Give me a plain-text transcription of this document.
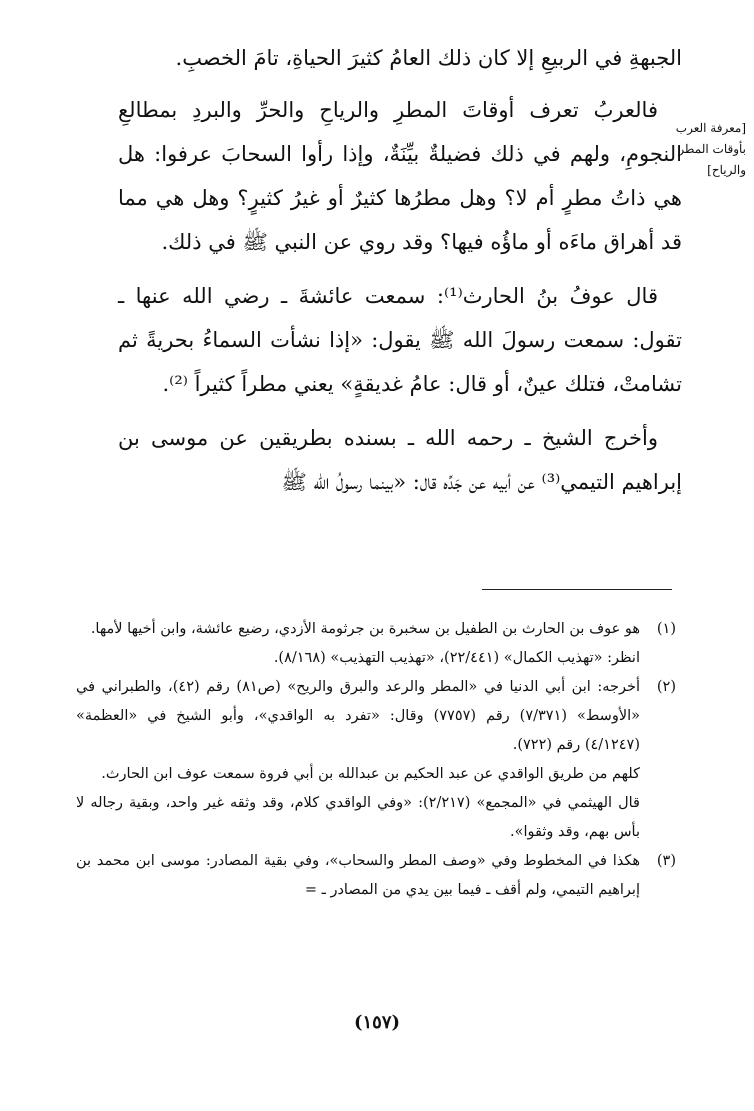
الجبهةِ في الربيعِ إلا كان ذلك العامُ كثيرَ الحياةِ، تامَ الخصبِ.

فالعربُ تعرف أوقاتَ المطرِ والرياحِ والحرِّ والبردِ بمطالعِ النجومِ، ولهم في ذلك فضيلةٌ بيِّنَةٌ، وإذا رأوا السحابَ عرفوا: هل هي ذاتُ مطرٍ أم لا؟ وهل مطرُها كثيرٌ أو غيرُ كثيرٍ؟ وهل هي مما قد أهراق ماءَه أو ماؤُه فيها؟ وقد روي عن النبي ﷺ في ذلك.

قال عوفُ بنُ الحارث⁽¹⁾: سمعت عائشةَ ـ رضي الله عنها ـ تقول: سمعت رسولَ الله ﷺ يقول: «إذا نشأت السماءُ بحريةً ثم تشامتْ، فتلك عينٌ، أو قال: عامُ غديقةٍ» يعني مطراً كثيراً ⁽²⁾.

وأخرج الشيخ ـ رحمه الله ـ بسنده بطريقين عن موسى بن إبراهيم التيمي⁽³⁾ عن أبيه عن جَدِّه قال: «بينما رسولُ الله ﷺ

[معرفة العرب
بأوقات المطر
والرياح]
(١)

هو عوف بن الحارث بن الطفيل بن سخبرة بن جرثومة الأزدي، رضيع عائشة، وابن أخيها لأمها.

انظر: «تهذيب الكمال» (٢٢/٤٤١)، «تهذيب التهذيب» (٨/١٦٨).

(٢)

أخرجه: ابن أبي الدنيا في «المطر والرعد والبرق والريح» (ص٨١) رقم (٤٢)، والطبراني في «الأوسط» (٧/٣٧١) رقم (٧٧٥٧) وقال: «تفرد به الواقدي»، وأبو الشيخ في «العظمة» (٤/١٢٤٧) رقم (٧٢٢).

كلهم من طريق الواقدي عن عبد الحكيم بن عبدالله بن أبي فروة سمعت عوف ابن الحارث.

قال الهيثمي في «المجمع» (٢/٢١٧): «وفي الواقدي كلام، وقد وثقه غير واحد، وبقية رجاله لا بأس بهم، وقد وثقوا».

(٣)

هكذا في المخطوط وفي «وصف المطر والسحاب»، وفي بقية المصادر: موسى ابن محمد بن إبراهيم التيمي، ولم أقف ـ فيما بين يدي من المصادر ـ =

(١٥٧)
